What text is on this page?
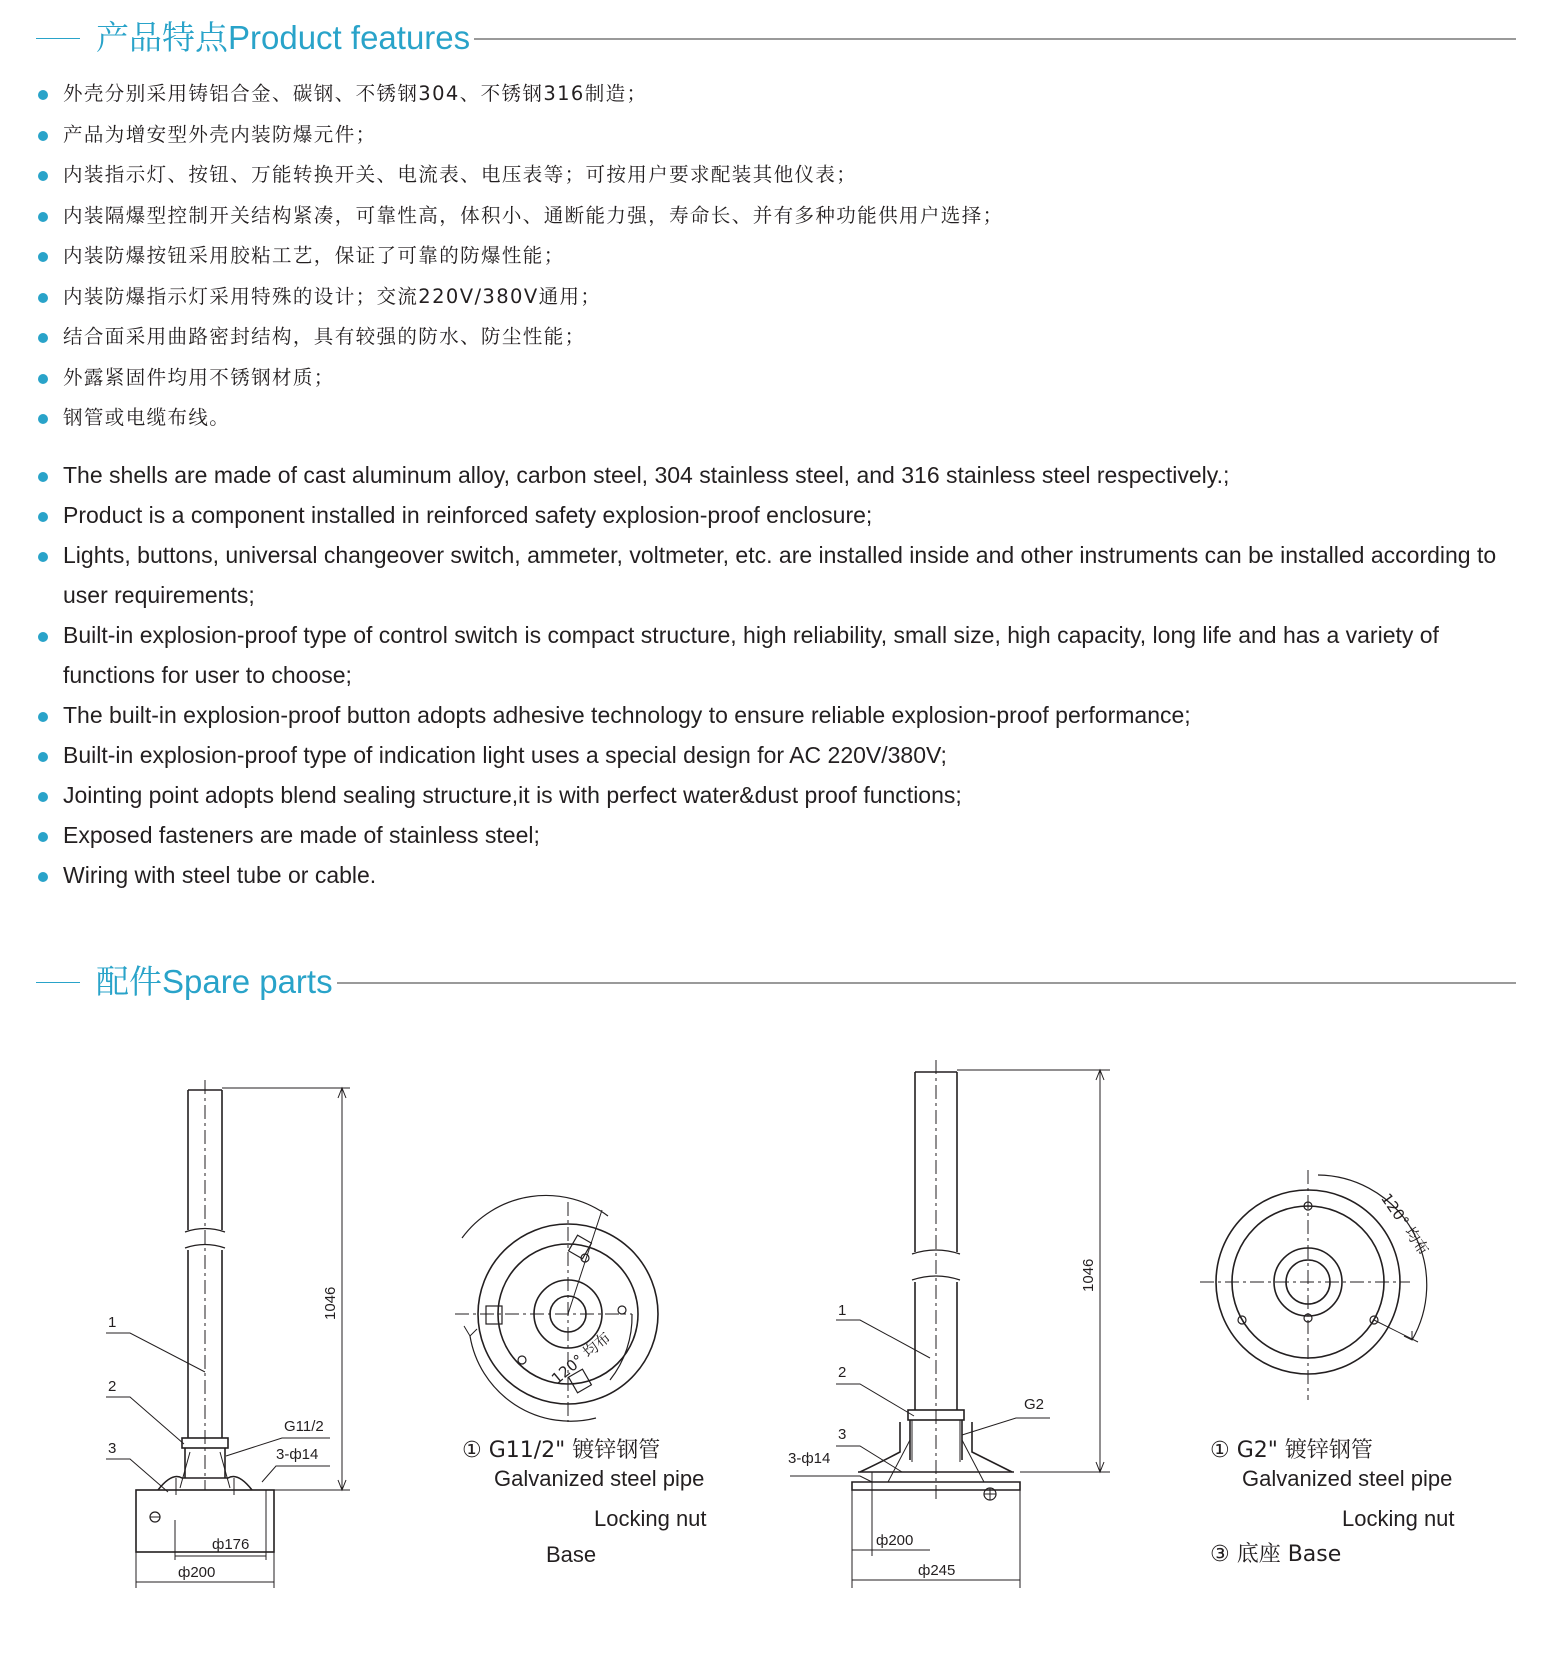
产品特点Product features
外壳分别采用铸铝合金、碳钢、不锈钢304、不锈钢316制造；
产品为增安型外壳内装防爆元件；
内装指示灯、按钮、万能转换开关、电流表、电压表等；可按用户要求配装其他仪表；
内装隔爆型控制开关结构紧凑，可靠性高，体积小、通断能力强，寿命长、并有多种功能供用户选择；
内装防爆按钮采用胶粘工艺，保证了可靠的防爆性能；
内装防爆指示灯采用特殊的设计；交流220V/380V通用；
结合面采用曲路密封结构，具有较强的防水、防尘性能；
外露紧固件均用不锈钢材质；
钢管或电缆布线。
The shells are made of cast aluminum alloy, carbon steel, 304 stainless steel, and 316 stainless steel respectively.;
Product is a component installed in reinforced safety explosion-proof enclosure;
Lights, buttons, universal changeover switch, ammeter, voltmeter, etc. are installed inside and other instruments can be installed according to user requirements;
Built-in explosion-proof type of control switch is compact structure, high reliability, small size, high capacity, long life and has a variety of functions for user to choose;
The built-in explosion-proof button adopts adhesive technology to ensure reliable explosion-proof performance;
Built-in explosion-proof type of indication light uses a special design for AC 220V/380V;
Jointing point adopts blend sealing structure,it is with perfect water&dust proof functions;
Exposed fasteners are made of stainless steel;
Wiring with steel tube or cable.
配件Spare parts
1
2
3
G11/2
3-ф14
1046
ф176
ф200
120° 均布
① G11/2" 镀锌钢管
Galvanized steel pipe
Locking nut
Base
1
2
3
G2
3-ф14
1046
ф200
ф245
120° 均布
① G2" 镀锌钢管
Galvanized steel pipe
Locking nut
③ 底座 Base
